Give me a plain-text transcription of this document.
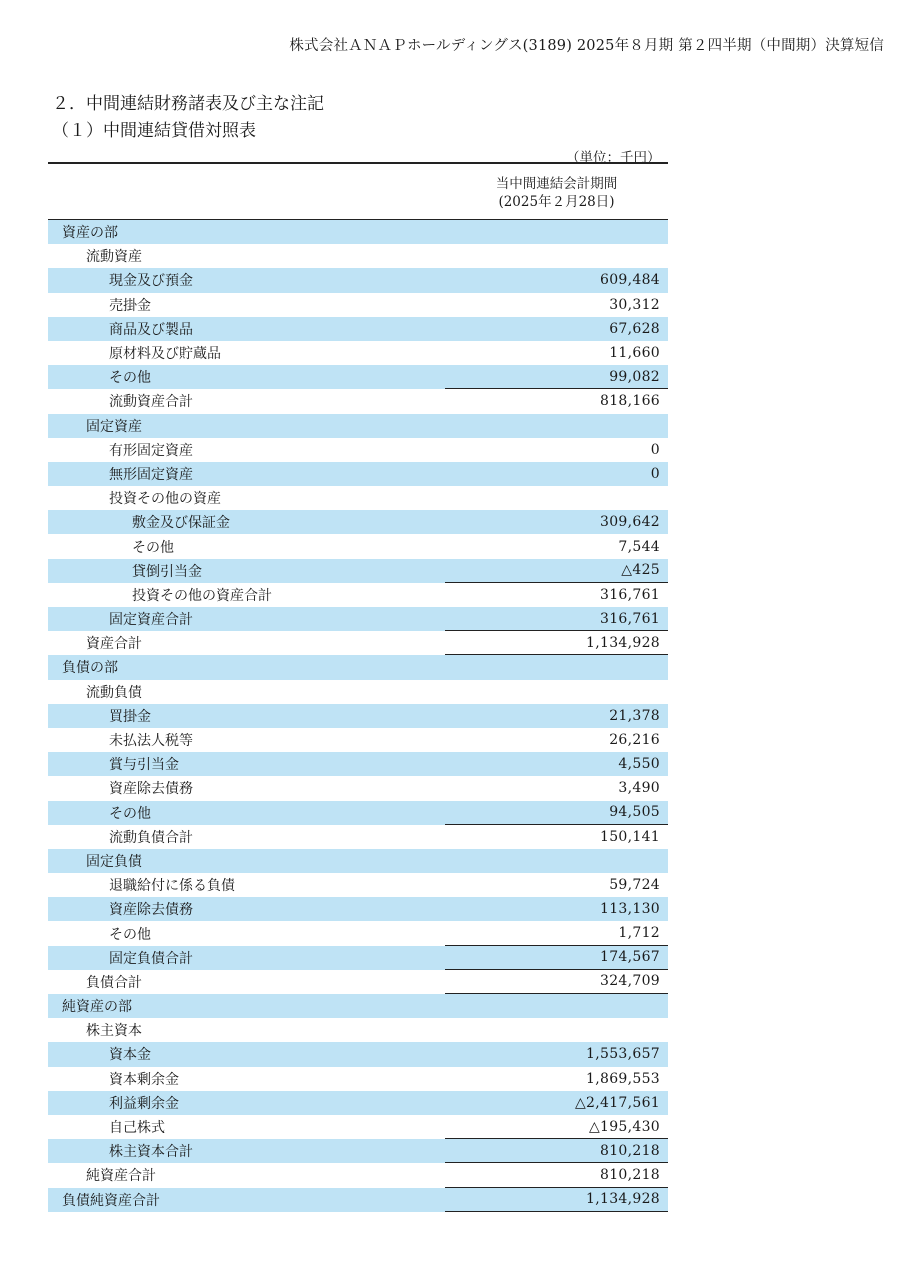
株式会社ＡＮＡＰホールディングス(3189) 2025年８月期 第２四半期（中間期）決算短信
２．中間連結財務諸表及び主な注記
（１）中間連結貸借対照表
（単位：千円）
当中間連結会計期間
(2025年２月28日)
資産の部
流動資産
現金及び預金	609,484
売掛金	30,312
商品及び製品	67,628
原材料及び貯蔵品	11,660
その他	99,082
流動資産合計	818,166
固定資産
有形固定資産	0
無形固定資産	0
投資その他の資産
敷金及び保証金	309,642
その他	7,544
貸倒引当金	△425
投資その他の資産合計	316,761
固定資産合計	316,761
資産合計	1,134,928
負債の部
流動負債
買掛金	21,378
未払法人税等	26,216
賞与引当金	4,550
資産除去債務	3,490
その他	94,505
流動負債合計	150,141
固定負債
退職給付に係る負債	59,724
資産除去債務	113,130
その他	1,712
固定負債合計	174,567
負債合計	324,709
純資産の部
株主資本
資本金	1,553,657
資本剰余金	1,869,553
利益剰余金	△2,417,561
自己株式	△195,430
株主資本合計	810,218
純資産合計	810,218
負債純資産合計	1,134,928
